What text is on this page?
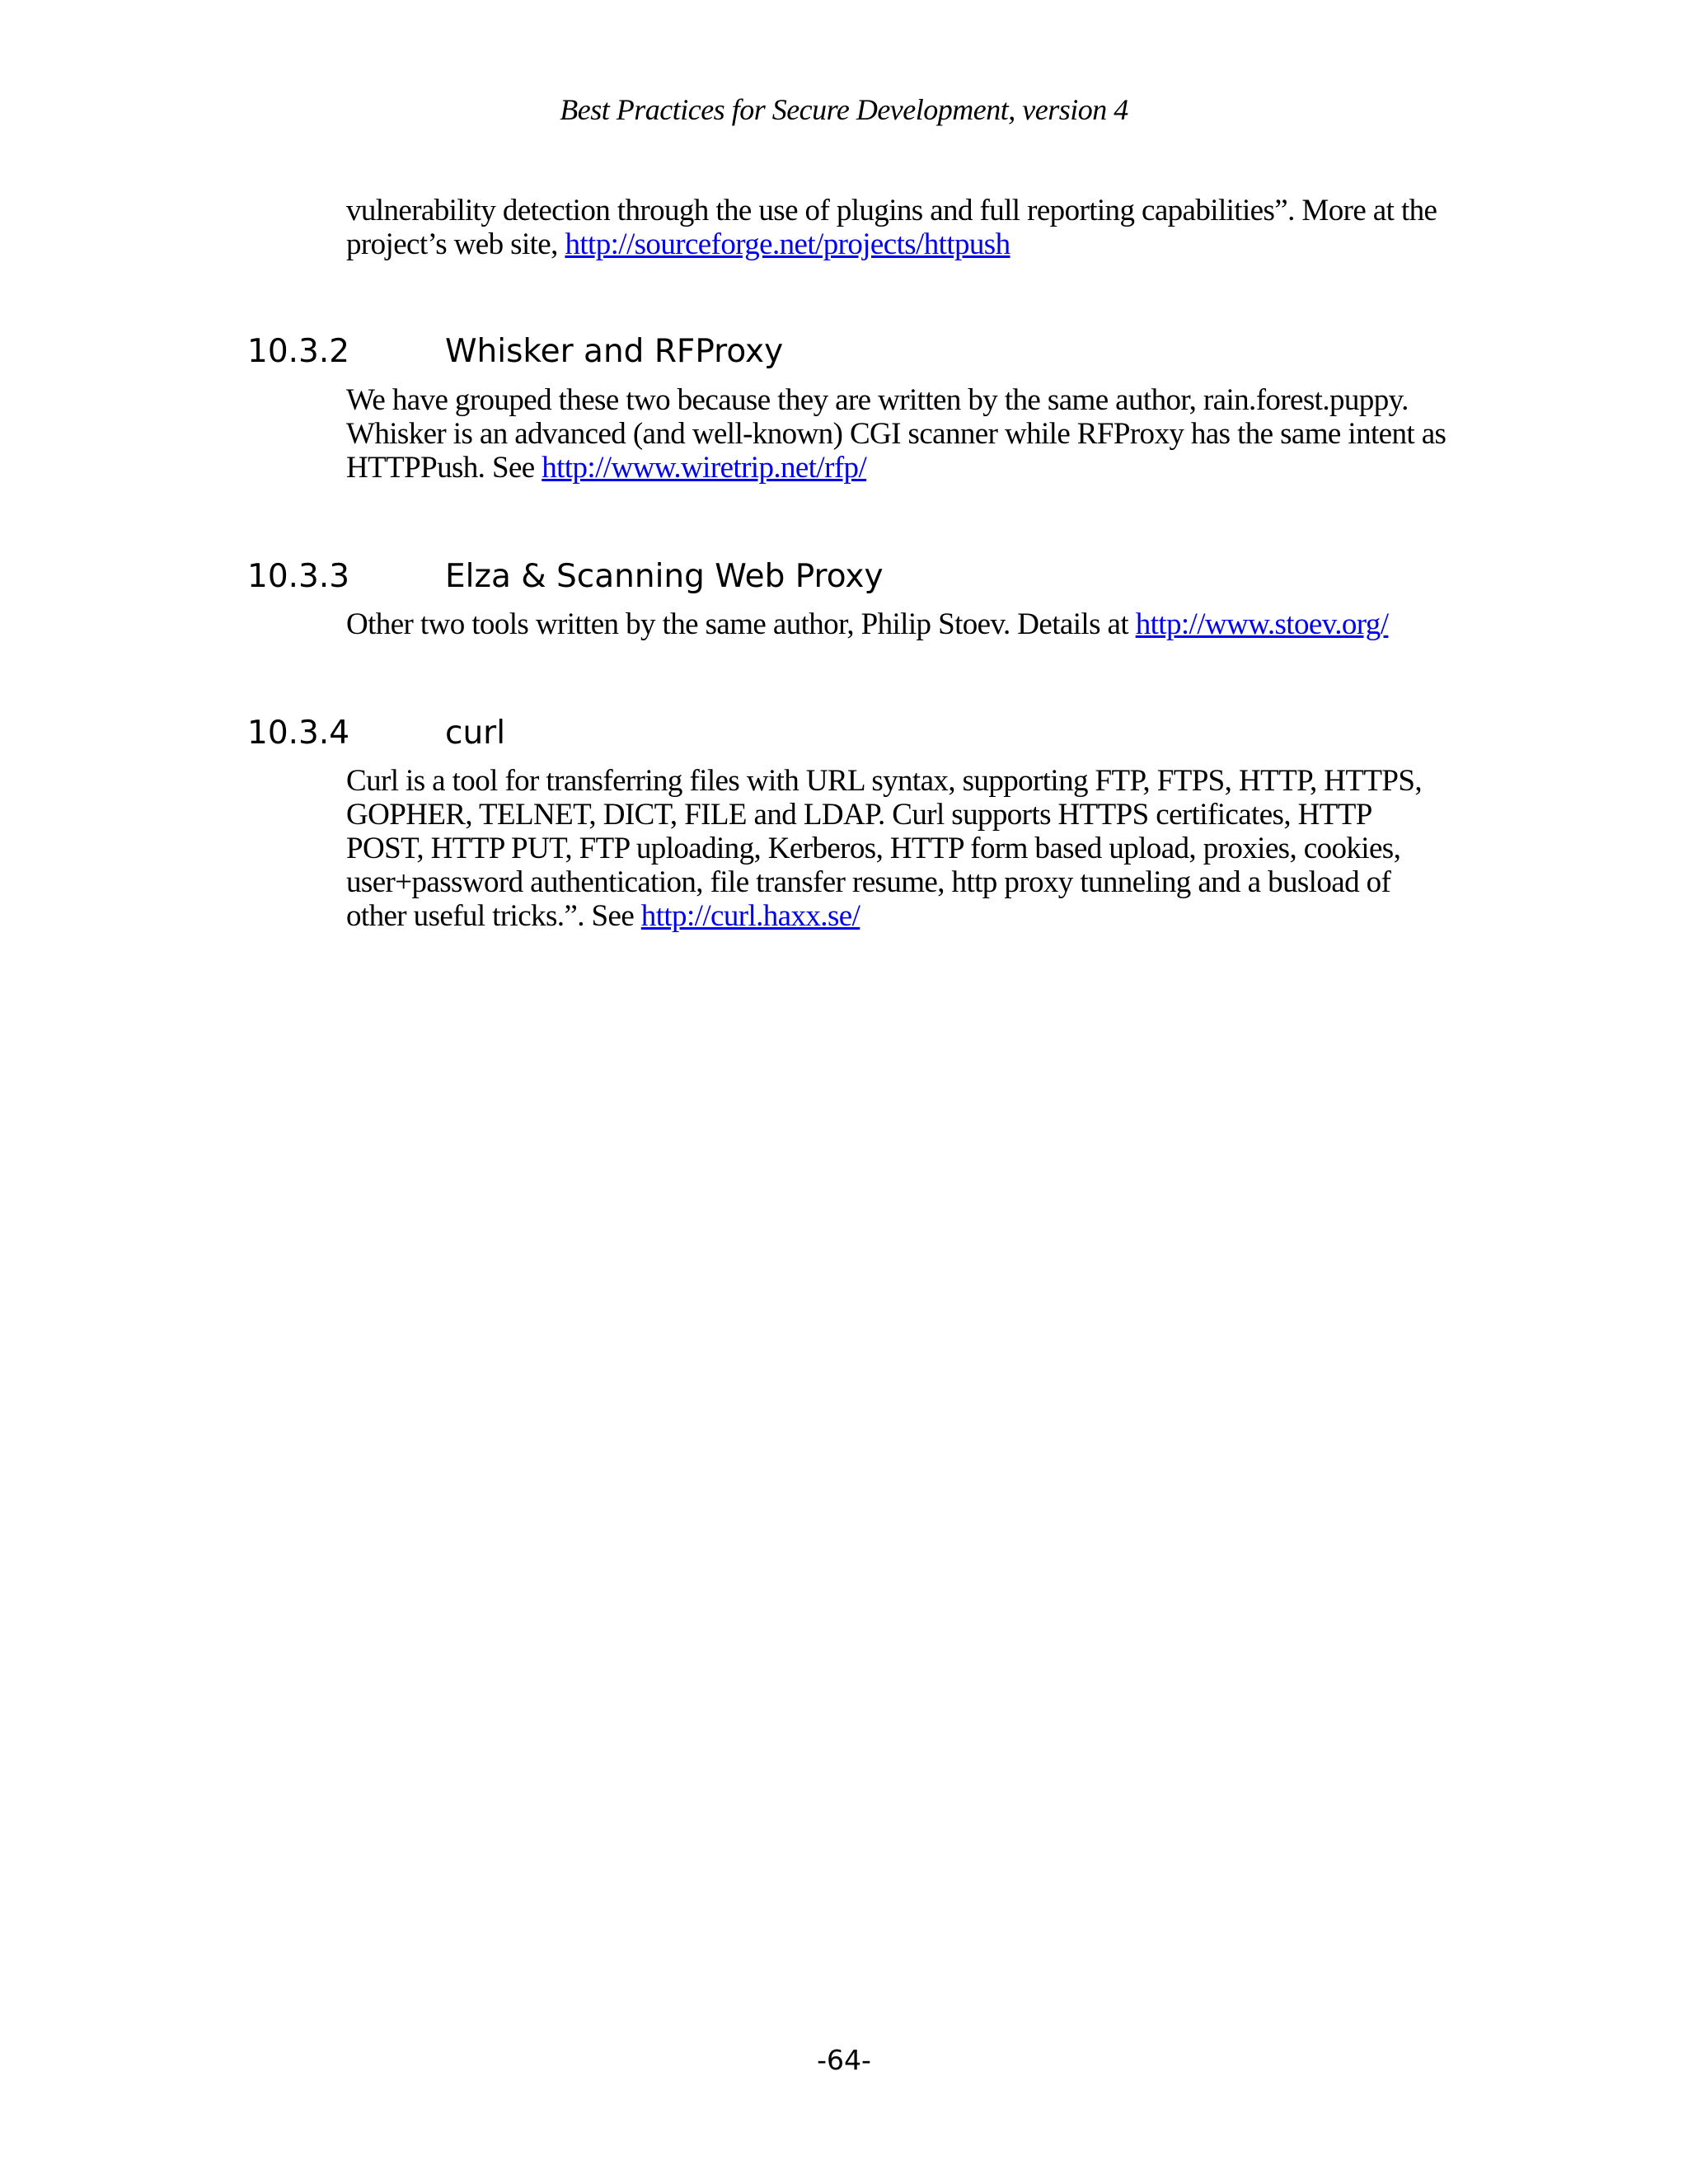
Best Practices for Secure Development, version 4

vulnerability detection through the use of plugins and full reporting capabilities”. More at the project’s web site, http://sourceforge.net/projects/httpush

10.3.2	Whisker and RFProxy

We have grouped these two because they are written by the same author, rain.forest.puppy. Whisker is an advanced (and well-known) CGI scanner while RFProxy has the same intent as HTTPPush. See http://www.wiretrip.net/rfp/

10.3.3	Elza & Scanning Web Proxy

Other two tools written by the same author, Philip Stoev. Details at http://www.stoev.org/

10.3.4	curl

Curl is a tool for transferring files with URL syntax, supporting FTP, FTPS, HTTP, HTTPS, GOPHER, TELNET, DICT, FILE and LDAP. Curl supports HTTPS certificates, HTTP POST, HTTP PUT, FTP uploading, Kerberos, HTTP form based upload, proxies, cookies, user+password authentication, file transfer resume, http proxy tunneling and a busload of other useful tricks.”. See http://curl.haxx.se/

-64-
